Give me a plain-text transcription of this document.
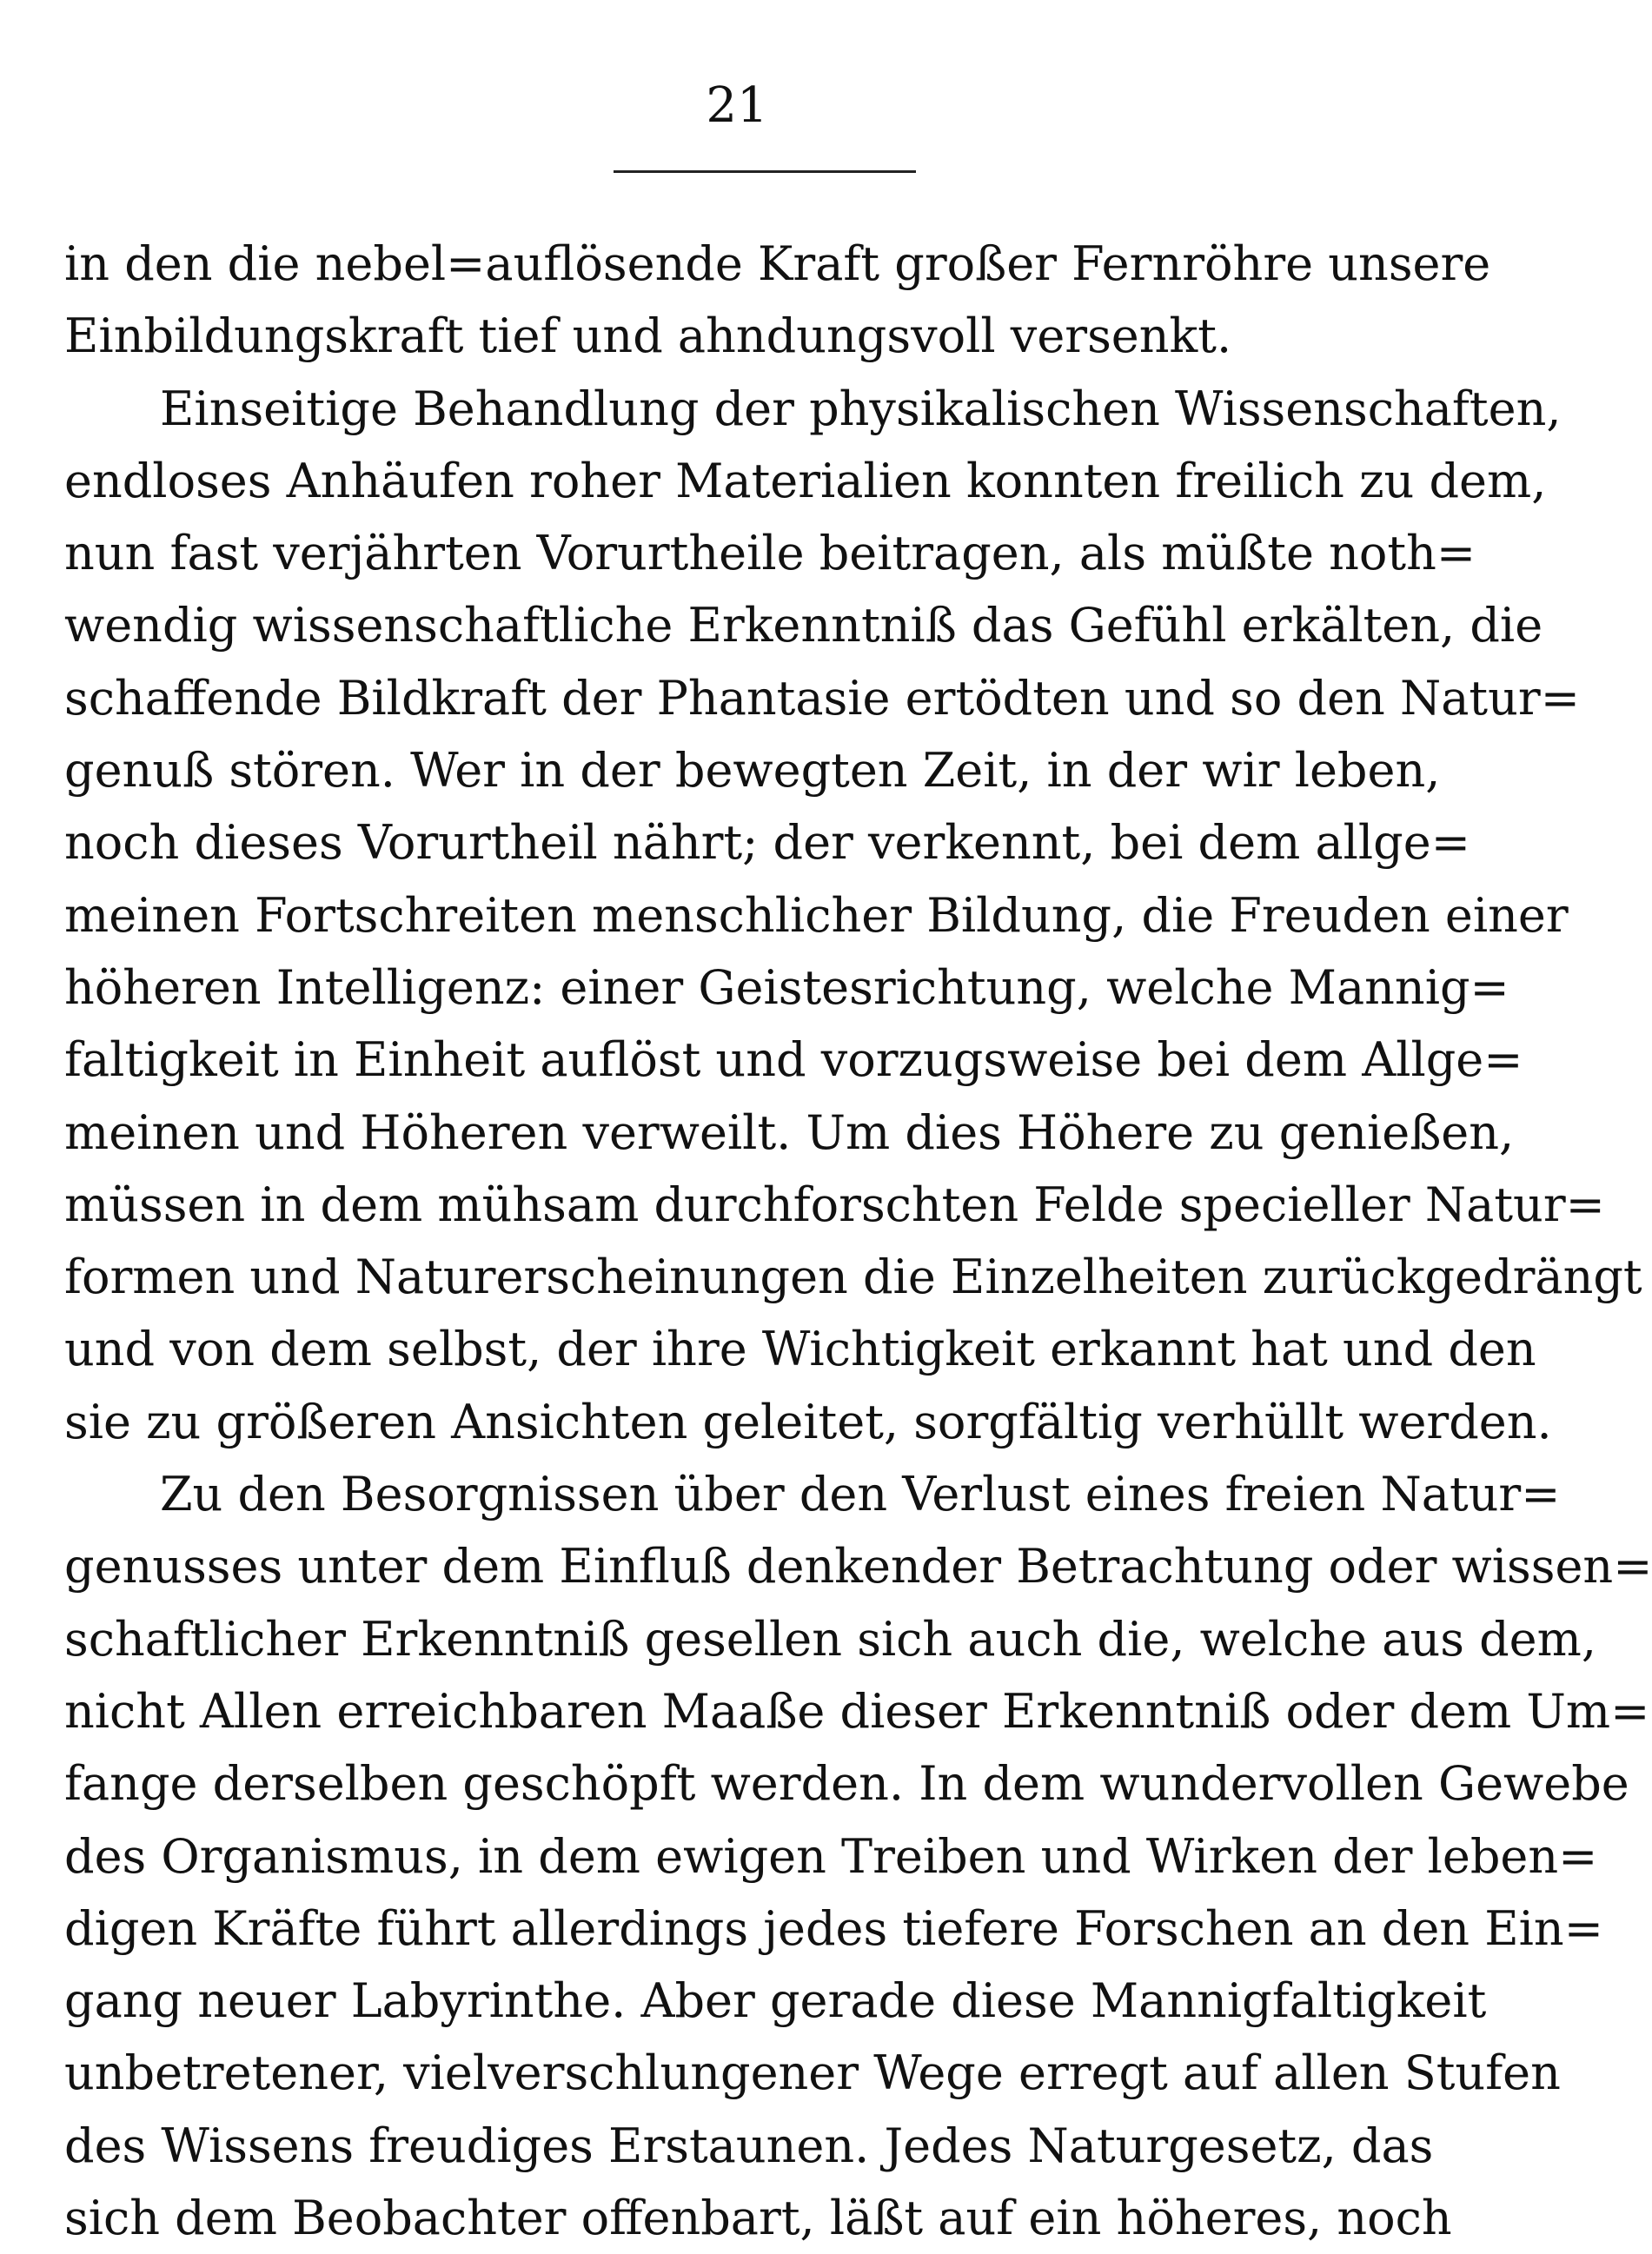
21
in den die nebel=auflösende Kraft großer Fernröhre unsere
Einbildungskraft tief und ahndungsvoll versenkt.
Einseitige Behandlung der physikalischen Wissenschaften,
endloses Anhäufen roher Materialien konnten freilich zu dem,
nun fast verjährten Vorurtheile beitragen, als müßte noth=
wendig wissenschaftliche Erkenntniß das Gefühl erkälten, die
schaffende Bildkraft der Phantasie ertödten und so den Natur=
genuß stören. Wer in der bewegten Zeit, in der wir leben,
noch dieses Vorurtheil nährt; der verkennt, bei dem allge=
meinen Fortschreiten menschlicher Bildung, die Freuden einer
höheren Intelligenz: einer Geistesrichtung, welche Mannig=
faltigkeit in Einheit auflöst und vorzugsweise bei dem Allge=
meinen und Höheren verweilt. Um dies Höhere zu genießen,
müssen in dem mühsam durchforschten Felde specieller Natur=
formen und Naturerscheinungen die Einzelheiten zurückgedrängt
und von dem selbst, der ihre Wichtigkeit erkannt hat und den
sie zu größeren Ansichten geleitet, sorgfältig verhüllt werden.
Zu den Besorgnissen über den Verlust eines freien Natur=
genusses unter dem Einfluß denkender Betrachtung oder wissen=
schaftlicher Erkenntniß gesellen sich auch die, welche aus dem,
nicht Allen erreichbaren Maaße dieser Erkenntniß oder dem Um=
fange derselben geschöpft werden. In dem wundervollen Gewebe
des Organismus, in dem ewigen Treiben und Wirken der leben=
digen Kräfte führt allerdings jedes tiefere Forschen an den Ein=
gang neuer Labyrinthe. Aber gerade diese Mannigfaltigkeit
unbetretener, vielverschlungener Wege erregt auf allen Stufen
des Wissens freudiges Erstaunen. Jedes Naturgesetz, das
sich dem Beobachter offenbart, läßt auf ein höheres, noch
